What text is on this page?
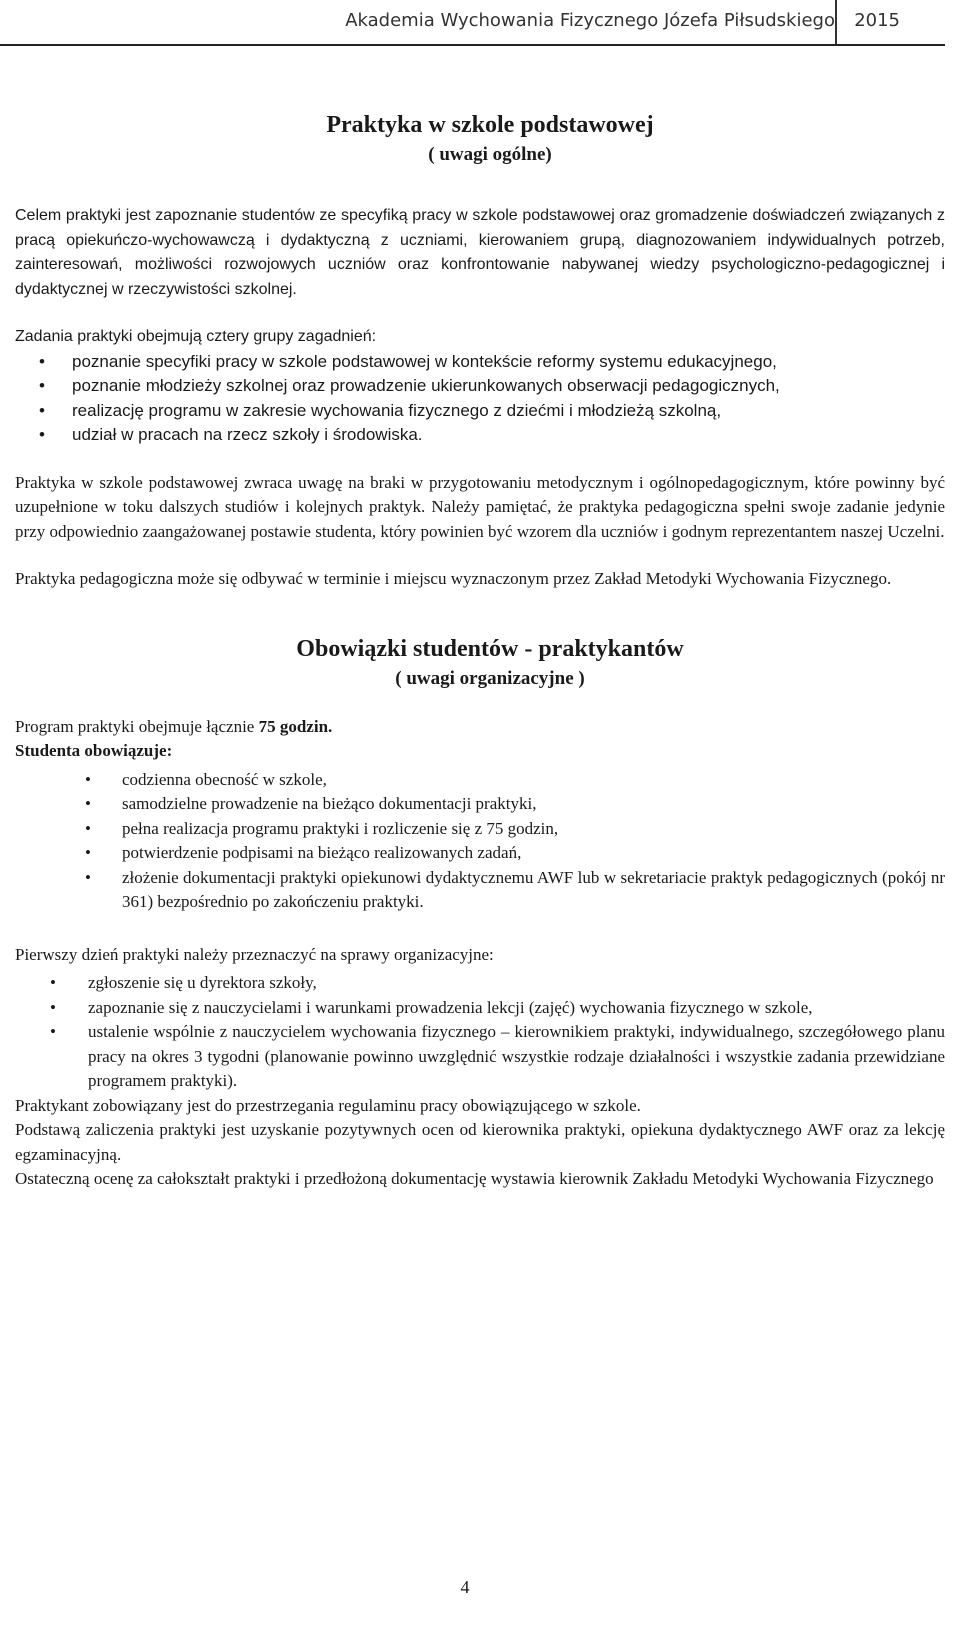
Akademia Wychowania Fizycznego Józefa Piłsudskiego 2015
Praktyka w szkole podstawowej
( uwagi ogólne)

Celem praktyki jest zapoznanie studentów ze specyfiką pracy w szkole podstawowej oraz gromadzenie doświadczeń związanych z pracą opiekuńczo-wychowawczą i dydaktyczną z uczniami, kierowaniem grupą, diagnozowaniem indywidualnych potrzeb, zainteresowań, możliwości rozwojowych uczniów oraz konfrontowanie nabywanej wiedzy psychologiczno-pedagogicznej i dydaktycznej w rzeczywistości szkolnej.

Zadania praktyki obejmują cztery grupy zagadnień:

• poznanie specyfiki pracy w szkole podstawowej w kontekście reformy systemu edukacyjnego,
• poznanie młodzieży szkolnej oraz prowadzenie ukierunkowanych obserwacji pedagogicznych,
• realizację programu w zakresie wychowania fizycznego z dziećmi i młodzieżą szkolną,
• udział w pracach na rzecz szkoły i środowiska.

Praktyka w szkole podstawowej zwraca uwagę na braki w przygotowaniu metodycznym i ogólnopedagogicznym, które powinny być uzupełnione w toku dalszych studiów i kolejnych praktyk. Należy pamiętać, że praktyka pedagogiczna spełni swoje zadanie jedynie przy odpowiednio zaangażowanej postawie studenta, który powinien być wzorem dla uczniów i godnym reprezentantem naszej Uczelni.

Praktyka pedagogiczna może się odbywać w terminie i miejscu wyznaczonym przez Zakład Metodyki Wychowania Fizycznego.

Obowiązki studentów - praktykantów
( uwagi organizacyjne )

Program praktyki obejmuje łącznie 75 godzin.

Studenta obowiązuje:

• codzienna obecność w szkole,
• samodzielne prowadzenie na bieżąco dokumentacji praktyki,
• pełna realizacja programu praktyki i rozliczenie się z 75 godzin,
• potwierdzenie podpisami na bieżąco realizowanych zadań,
• złożenie dokumentacji praktyki opiekunowi dydaktycznemu AWF lub w sekretariacie praktyk pedagogicznych (pokój nr 361) bezpośrednio po zakończeniu praktyki.

Pierwszy dzień praktyki należy przeznaczyć na sprawy organizacyjne:

• zgłoszenie się u dyrektora szkoły,
• zapoznanie się z nauczycielami i warunkami prowadzenia lekcji (zajęć) wychowania fizycznego w szkole,
• ustalenie wspólnie z nauczycielem wychowania fizycznego – kierownikiem praktyki, indywidualnego, szczegółowego planu pracy na okres 3 tygodni (planowanie powinno uwzględnić wszystkie rodzaje działalności i wszystkie zadania przewidziane programem praktyki).

Praktykant zobowiązany jest do przestrzegania regulaminu pracy obowiązującego w szkole.

Podstawą zaliczenia praktyki jest uzyskanie pozytywnych ocen od kierownika praktyki, opiekuna dydaktycznego AWF oraz za lekcję egzaminacyjną.

Ostateczną ocenę za całokształt praktyki i przedłożoną dokumentację wystawia kierownik Zakładu Metodyki Wychowania Fizycznego

4
